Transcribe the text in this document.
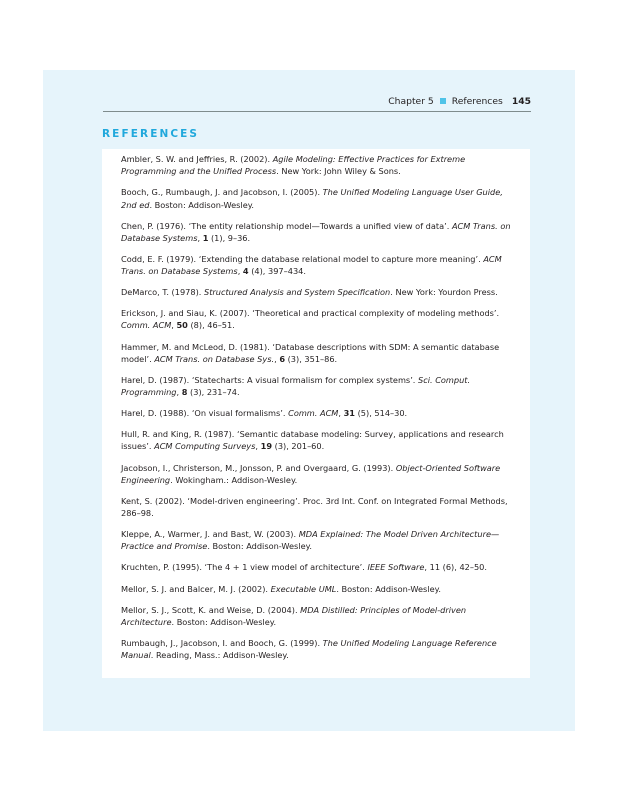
Chapter 5 References 145
REFERENCES
Ambler, S. W. and Jeffries, R. (2002). Agile Modeling: Effective Practices for Extreme Programming and the Unified Process. New York: John Wiley & Sons.
Booch, G., Rumbaugh, J. and Jacobson, I. (2005). The Unified Modeling Language User Guide, 2nd ed. Boston: Addison-Wesley.
Chen, P. (1976). ‘The entity relationship model—Towards a unified view of data’. ACM Trans. on Database Systems, 1 (1), 9–36.
Codd, E. F. (1979). ‘Extending the database relational model to capture more meaning’. ACM Trans. on Database Systems, 4 (4), 397–434.
DeMarco, T. (1978). Structured Analysis and System Specification. New York: Yourdon Press.
Erickson, J. and Siau, K. (2007). ‘Theoretical and practical complexity of modeling methods’. Comm. ACM, 50 (8), 46–51.
Hammer, M. and McLeod, D. (1981). ‘Database descriptions with SDM: A semantic database model’. ACM Trans. on Database Sys., 6 (3), 351–86.
Harel, D. (1987). ‘Statecharts: A visual formalism for complex systems’. Sci. Comput. Programming, 8 (3), 231–74.
Harel, D. (1988). ‘On visual formalisms’. Comm. ACM, 31 (5), 514–30.
Hull, R. and King, R. (1987). ‘Semantic database modeling: Survey, applications and research issues’. ACM Computing Surveys, 19 (3), 201–60.
Jacobson, I., Christerson, M., Jonsson, P. and Overgaard, G. (1993). Object-Oriented Software Engineering. Wokingham.: Addison-Wesley.
Kent, S. (2002). ‘Model-driven engineering’. Proc. 3rd Int. Conf. on Integrated Formal Methods, 286–98.
Kleppe, A., Warmer, J. and Bast, W. (2003). MDA Explained: The Model Driven Architecture—Practice and Promise. Boston: Addison-Wesley.
Kruchten, P. (1995). ‘The 4 + 1 view model of architecture’. IEEE Software, 11 (6), 42–50.
Mellor, S. J. and Balcer, M. J. (2002). Executable UML. Boston: Addison-Wesley.
Mellor, S. J., Scott, K. and Weise, D. (2004). MDA Distilled: Principles of Model-driven Architecture. Boston: Addison-Wesley.
Rumbaugh, J., Jacobson, I. and Booch, G. (1999). The Unified Modeling Language Reference Manual. Reading, Mass.: Addison-Wesley.
